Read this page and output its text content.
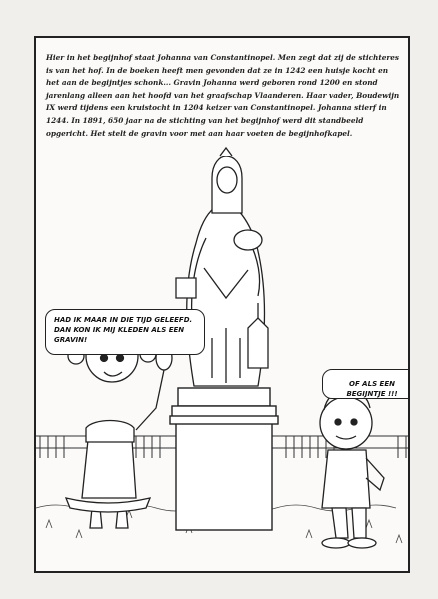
Hier in het begijnhof staat Johanna van Constantinopel. Men zegt dat zij de stichteres is van het hof. In de boeken heeft men gevonden dat ze in 1242 een huisje kocht en het aan de begijntjes schonk... Gravin Johanna werd geboren rond 1200 en stond jarenlang alleen aan het hoofd van het graafschap Vlaanderen. Haar vader, Boudewijn IX werd tijdens een kruistocht in 1204 keizer van Constantinopel. Johanna stierf in 1244. In 1891, 650 jaar na de stichting van het begijnhof werd dit standbeeld opgericht. Het stelt de gravin voor met aan haar voeten de begijnhofkapel.

HAD IK MAAR IN DIE TIJD GELEEFD. DAN KON IK MIJ KLEDEN ALS EEN GRAVIN!
OF ALS EEN BEGIJNTJE !!!
